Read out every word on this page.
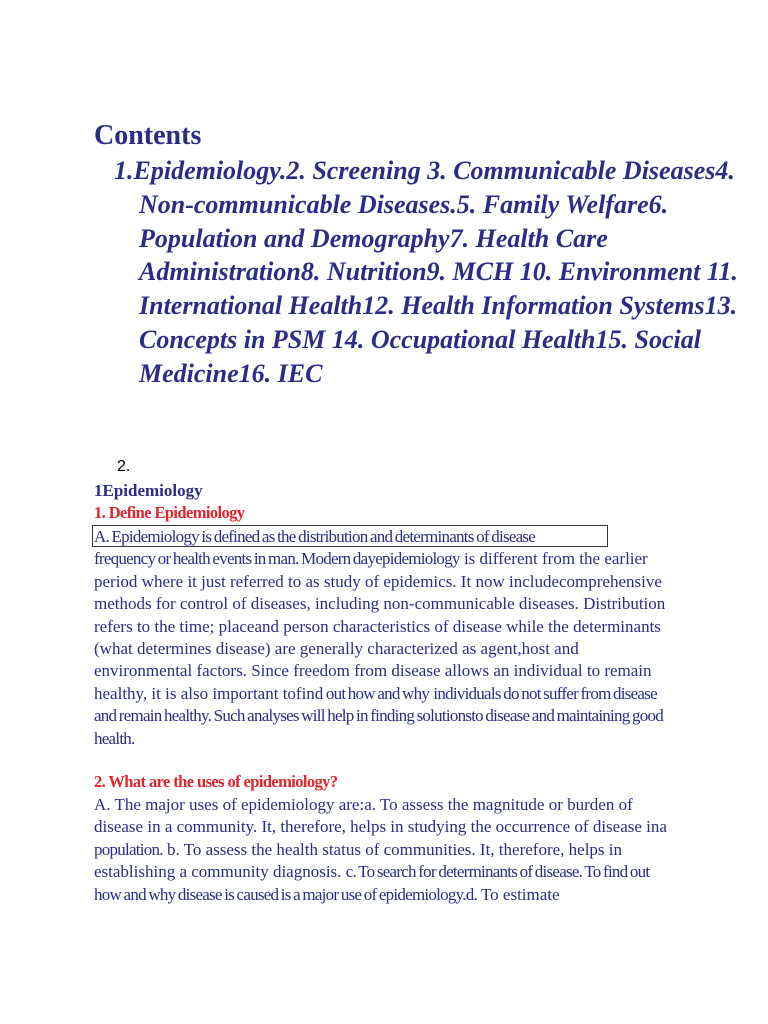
Contents
1.Epidemiology.2. Screening 3. Communicable Diseases4. Non-communicable Diseases.5. Family Welfare6. Population and Demography7. Health Care Administration8. Nutrition9. MCH 10. Environment 11. International Health12. Health Information Systems13. Concepts in PSM 14. Occupational Health15. Social Medicine16. IEC
2.
1Epidemiology
1. Define Epidemiology
A. Epidemiology is defined as the distribution and determinants of disease
frequency or health events in man. Modern dayepidemiology is different from the earlier period where it just referred to as study of epidemics. It now includecomprehensive methods for control of diseases, including non-communicable diseases. Distribution refers to the time; placeand person characteristics of disease while the determinants (what determines disease) are generally characterized as agent,host and environmental factors. Since freedom from disease allows an individual to remain healthy, it is also important tofind out how and why individuals do not suffer from disease and remain healthy. Such analyses will help in finding solutionsto disease and maintaining good health.
2. What are the uses of epidemiology?
A. The major uses of epidemiology are:a. To assess the magnitude or burden of disease in a community. It, therefore, helps in studying the occurrence of disease ina population. b. To assess the health status of communities. It, therefore, helps in establishing a community diagnosis. c. To search for determinants of disease. To find out how and why disease is caused is a major use of epidemiology.d. To estimate
